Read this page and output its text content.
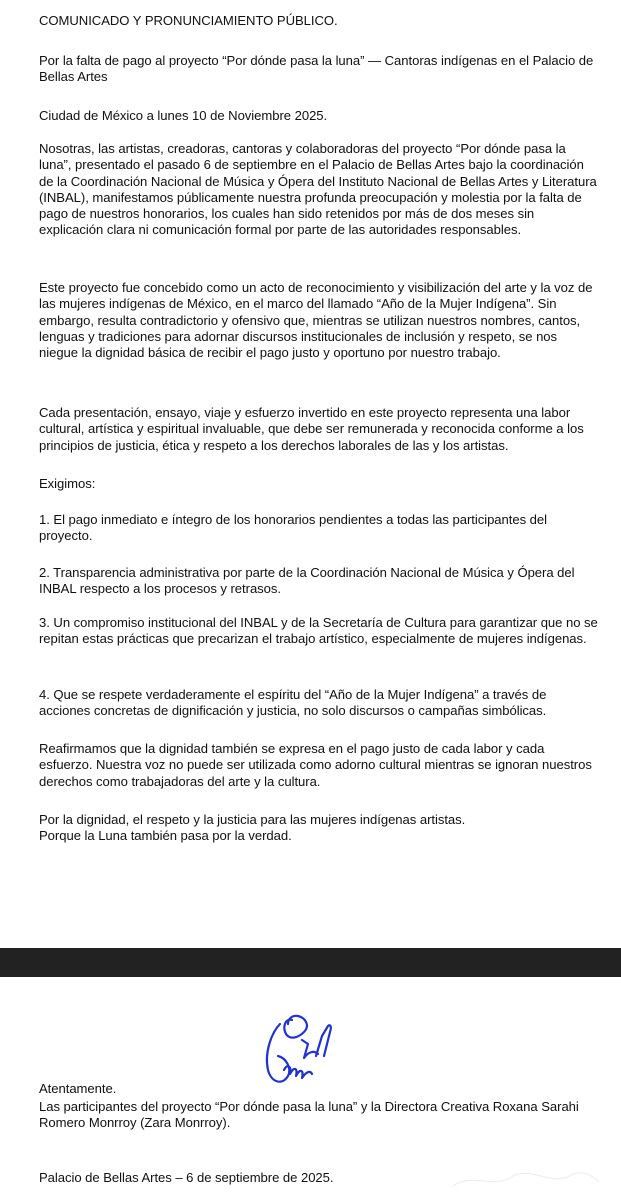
COMUNICADO Y PRONUNCIAMIENTO PÚBLICO.

Por la falta de pago al proyecto “Por dónde pasa la luna” — Cantoras indígenas en el Palacio de Bellas Artes

Ciudad de México a lunes 10 de Noviembre 2025.

Nosotras, las artistas, creadoras, cantoras y colaboradoras del proyecto “Por dónde pasa la luna”, presentado el pasado 6 de septiembre en el Palacio de Bellas Artes bajo la coordinación de la Coordinación Nacional de Música y Ópera del Instituto Nacional de Bellas Artes y Literatura (INBAL), manifestamos públicamente nuestra profunda preocupación y molestia por la falta de pago de nuestros honorarios, los cuales han sido retenidos por más de dos meses sin explicación clara ni comunicación formal por parte de las autoridades responsables.

Este proyecto fue concebido como un acto de reconocimiento y visibilización del arte y la voz de las mujeres indígenas de México, en el marco del llamado “Año de la Mujer Indígena”. Sin embargo, resulta contradictorio y ofensivo que, mientras se utilizan nuestros nombres, cantos, lenguas y tradiciones para adornar discursos institucionales de inclusión y respeto, se nos niegue la dignidad básica de recibir el pago justo y oportuno por nuestro trabajo.

Cada presentación, ensayo, viaje y esfuerzo invertido en este proyecto representa una labor cultural, artística y espiritual invaluable, que debe ser remunerada y reconocida conforme a los principios de justicia, ética y respeto a los derechos laborales de las y los artistas.

Exigimos:

1. El pago inmediato e íntegro de los honorarios pendientes a todas las participantes del proyecto.

2. Transparencia administrativa por parte de la Coordinación Nacional de Música y Ópera del INBAL respecto a los procesos y retrasos.

3. Un compromiso institucional del INBAL y de la Secretaría de Cultura para garantizar que no se repitan estas prácticas que precarizan el trabajo artístico, especialmente de mujeres indígenas.

4. Que se respete verdaderamente el espíritu del “Año de la Mujer Indígena” a través de acciones concretas de dignificación y justicia, no solo discursos o campañas simbólicas.

Reafirmamos que la dignidad también se expresa en el pago justo de cada labor y cada esfuerzo. Nuestra voz no puede ser utilizada como adorno cultural mientras se ignoran nuestros derechos como trabajadoras del arte y la cultura.

Por la dignidad, el respeto y la justicia para las mujeres indígenas artistas.

Porque la Luna también pasa por la verdad.

Atentamente.

Las participantes del proyecto “Por dónde pasa la luna” y la Directora Creativa Roxana Sarahi Romero Monrroy (Zara Monrroy).

Palacio de Bellas Artes – 6 de septiembre de 2025.
